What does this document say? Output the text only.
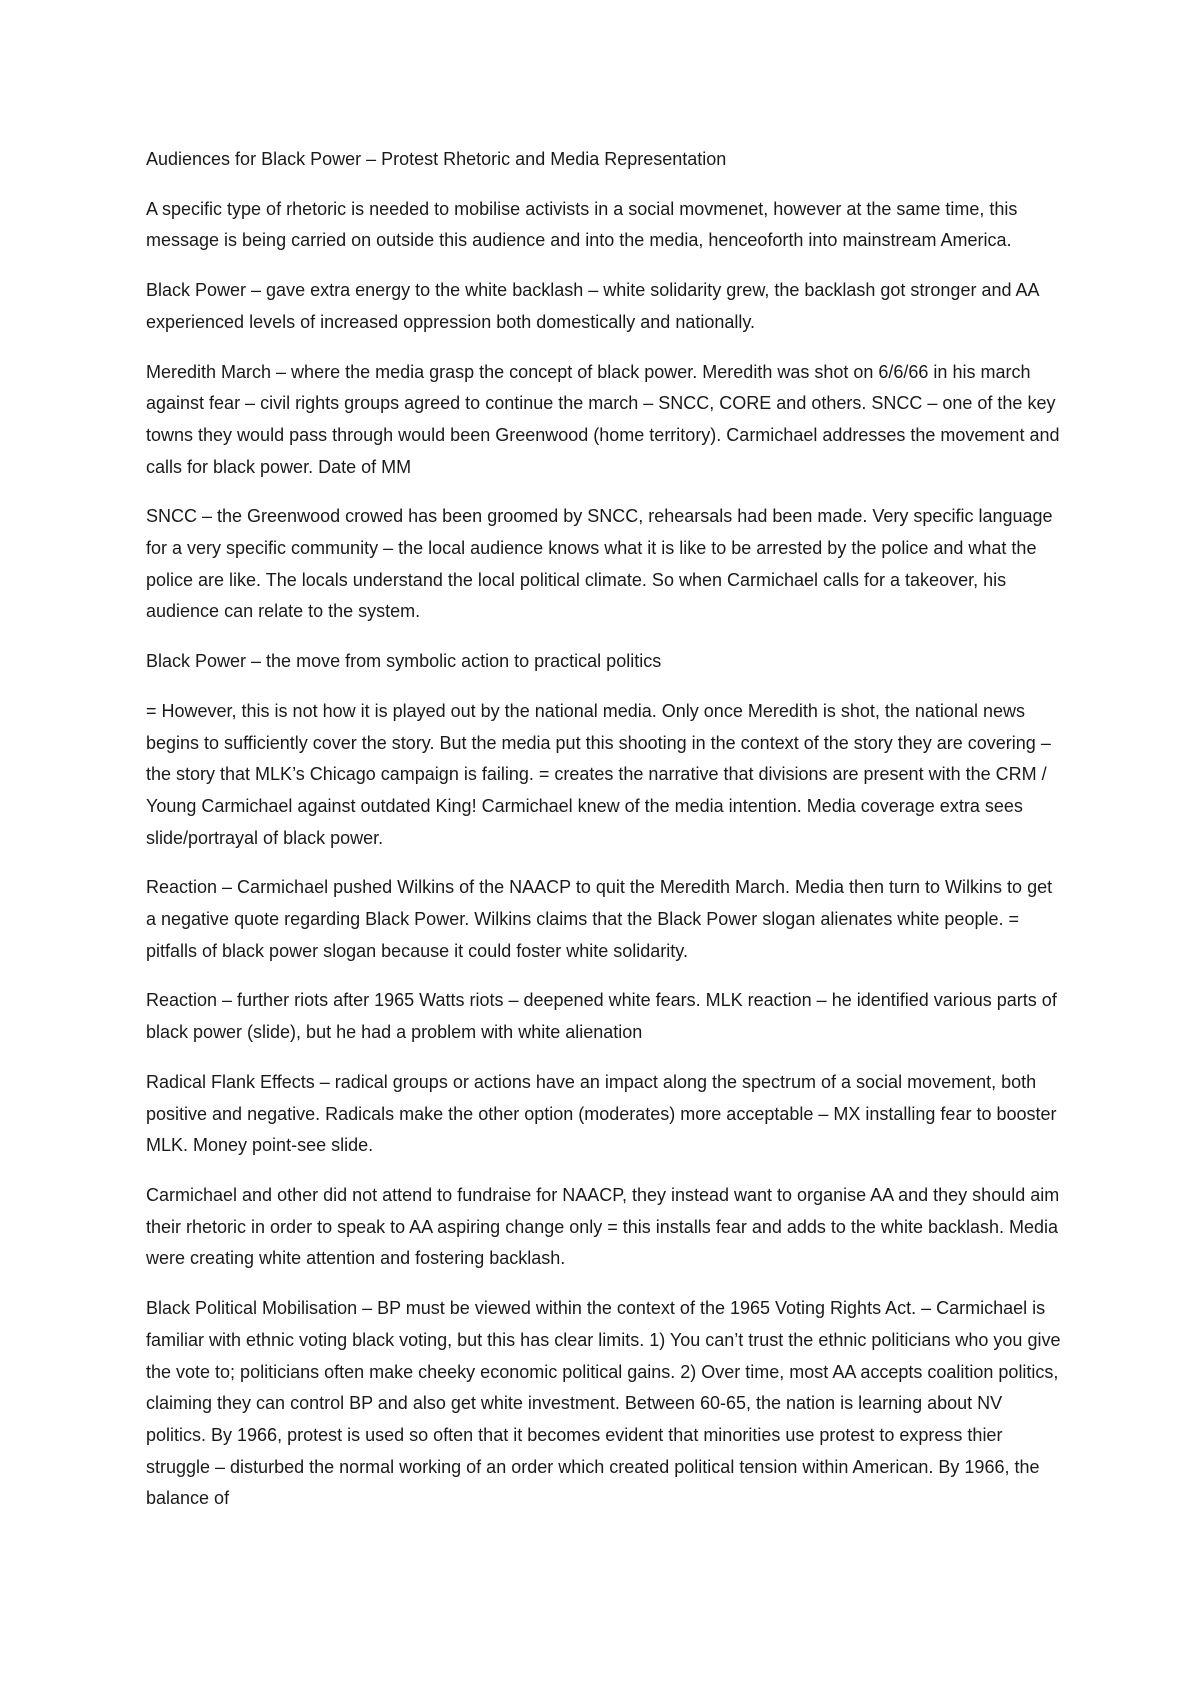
Audiences for Black Power – Protest Rhetoric and Media Representation

A specific type of rhetoric is needed to mobilise activists in a social movmenet, however at the same time, this message is being carried on outside this audience and into the media, henceoforth into mainstream America.

Black Power – gave extra energy to the white backlash – white solidarity grew, the backlash got stronger and AA experienced levels of increased oppression both domestically and nationally.

Meredith March – where the media grasp the concept of black power. Meredith was shot on 6/6/66 in his march against fear – civil rights groups agreed to continue the march – SNCC, CORE and others. SNCC – one of the key towns they would pass through would been Greenwood (home territory). Carmichael addresses the movement and calls for black power. Date of MM

SNCC – the Greenwood crowed has been groomed by SNCC, rehearsals had been made. Very specific language for a very specific community – the local audience knows what it is like to be arrested by the police and what the police are like. The locals understand the local political climate. So when Carmichael calls for a takeover, his audience can relate to the system.

Black Power – the move from symbolic action to practical politics

= However, this is not how it is played out by the national media. Only once Meredith is shot, the national news begins to sufficiently cover the story. But the media put this shooting in the context of the story they are covering – the story that MLK’s Chicago campaign is failing. = creates the narrative that divisions are present with the CRM / Young Carmichael against outdated King! Carmichael knew of the media intention. Media coverage extra sees slide/portrayal of black power.

Reaction – Carmichael pushed Wilkins of the NAACP to quit the Meredith March. Media then turn to Wilkins to get a negative quote regarding Black Power. Wilkins claims that the Black Power slogan alienates white people. = pitfalls of black power slogan because it could foster white solidarity.

Reaction – further riots after 1965 Watts riots – deepened white fears. MLK reaction – he identified various parts of black power (slide), but he had a problem with white alienation

Radical Flank Effects – radical groups or actions have an impact along the spectrum of a social movement, both positive and negative. Radicals make the other option (moderates) more acceptable – MX installing fear to booster MLK. Money point-see slide.

Carmichael and other did not attend to fundraise for NAACP, they instead want to organise AA and they should aim their rhetoric in order to speak to AA aspiring change only = this installs fear and adds to the white backlash. Media were creating white attention and fostering backlash.

Black Political Mobilisation – BP must be viewed within the context of the 1965 Voting Rights Act. – Carmichael is familiar with ethnic voting black voting, but this has clear limits. 1) You can’t trust the ethnic politicians who you give the vote to; politicians often make cheeky economic political gains. 2) Over time, most AA accepts coalition politics, claiming they can control BP and also get white investment. Between 60-65, the nation is learning about NV politics. By 1966, protest is used so often that it becomes evident that minorities use protest to express thier struggle – disturbed the normal working of an order which created political tension within American. By 1966, the balance of
